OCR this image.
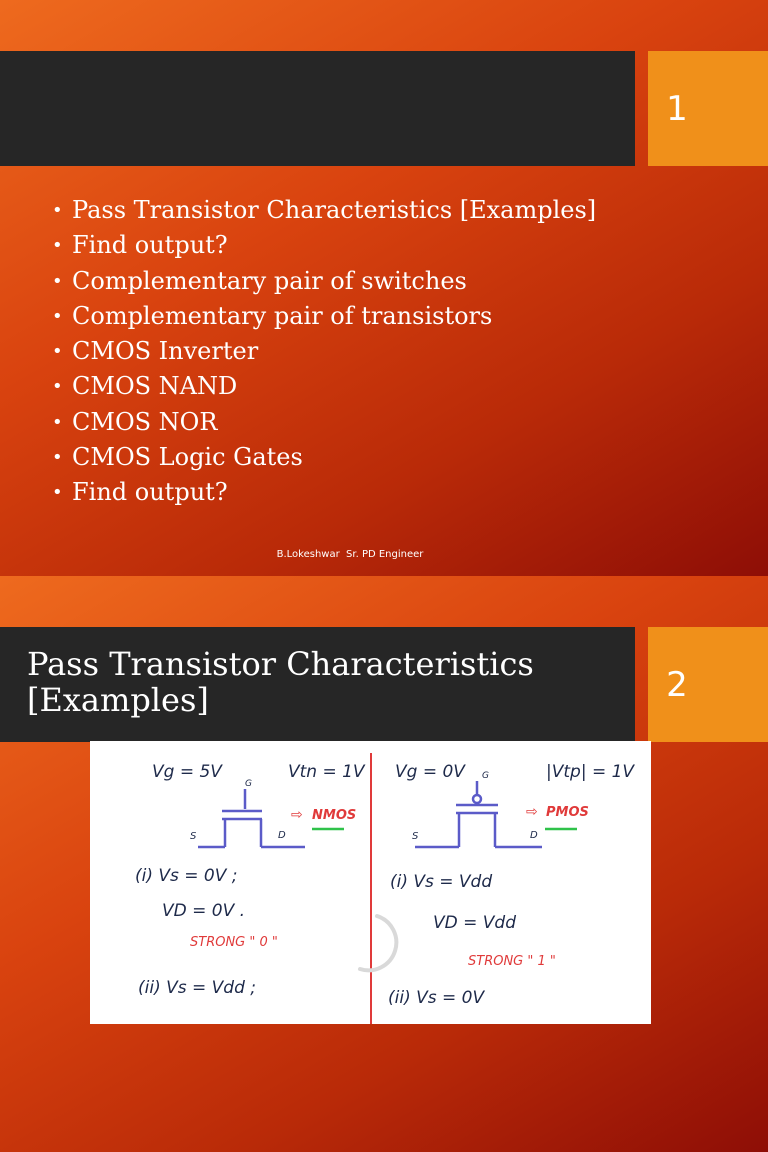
1
• Pass Transistor Characteristics [Examples]
• Find output?
• Complementary pair of switches
• Complementary pair of transistors
• CMOS Inverter
• CMOS NAND
• CMOS NOR
• CMOS Logic Gates
• Find output?
B.Lokeshwar  Sr. PD Engineer
2
Pass Transistor Characteristics
[Examples]
Vg = 5V	Vtn = 1V
G
S	D
⇨ NMOS
(i) Vs = 0V ;
VD = 0V .
STRONG " 0 "
(ii) Vs = Vdd ;
Vg = 0V	|Vtp| = 1V
G
S	D
⇨ PMOS
(i) Vs = Vdd
VD = Vdd
STRONG " 1 "
(ii) Vs = 0V
